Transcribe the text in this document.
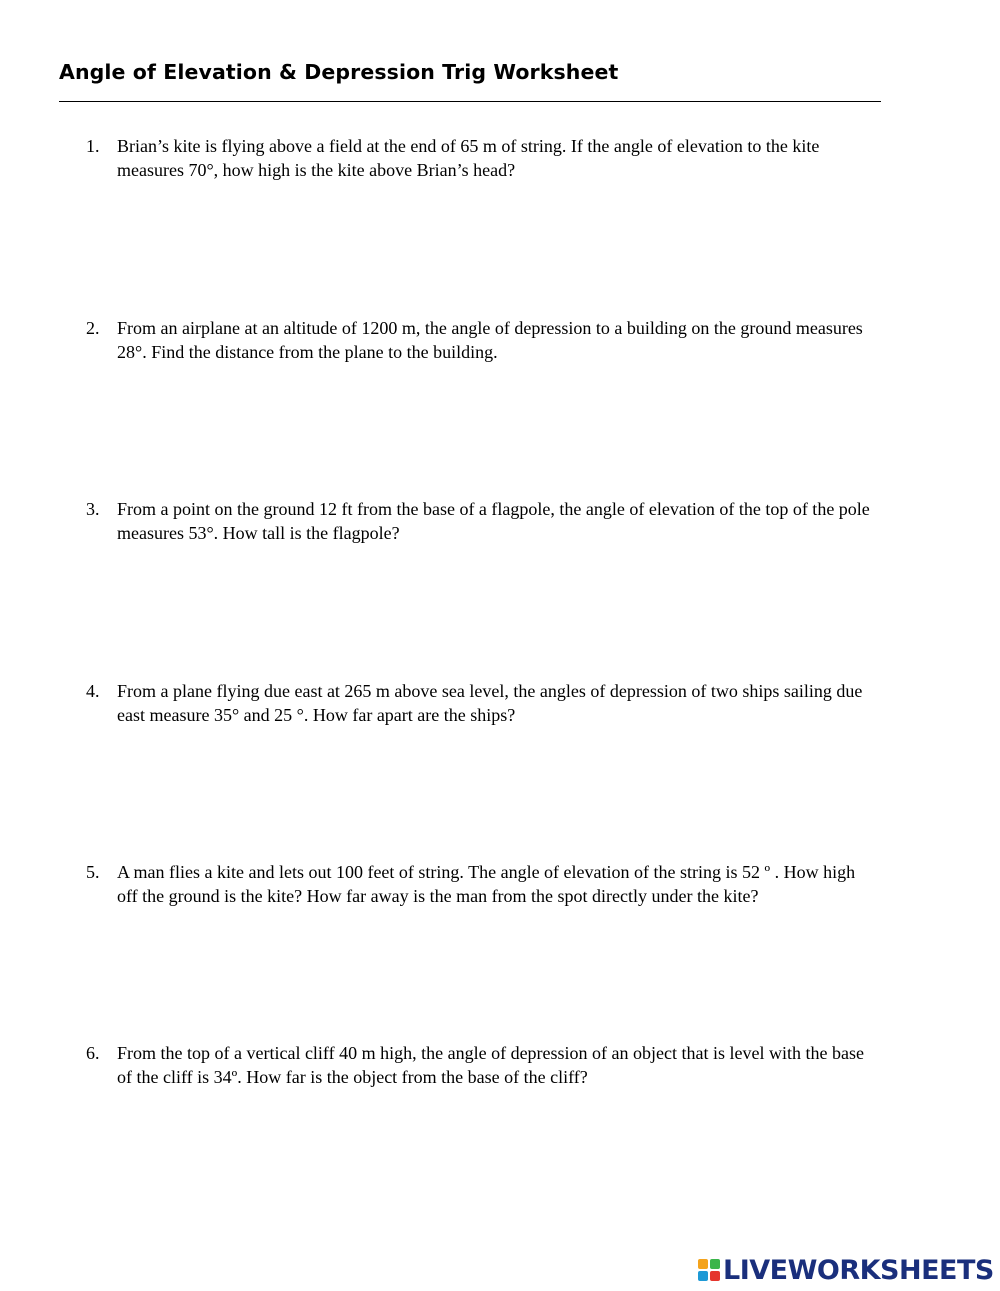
Angle of Elevation & Depression Trig Worksheet
1. Brian’s kite is flying above a field at the end of 65 m of string. If the angle of elevation to the kite
measures 70°, how high is the kite above Brian’s head?
2. From an airplane at an altitude of 1200 m, the angle of depression to a building on the ground measures
28°. Find the distance from the plane to the building.
3. From a point on the ground 12 ft from the base of a flagpole, the angle of elevation of the top of the pole
measures 53°. How tall is the flagpole?
4. From a plane flying due east at 265 m above sea level, the angles of depression of two ships sailing due
east measure 35° and 25 °. How far apart are the ships?
5. A man flies a kite and lets out 100 feet of string. The angle of elevation of the string is 52 º . How high
off the ground is the kite? How far away is the man from the spot directly under the kite?
6. From the top of a vertical cliff 40 m high, the angle of depression of an object that is level with the base
of the cliff is 34º. How far is the object from the base of the cliff?
LIVEWORKSHEETS
